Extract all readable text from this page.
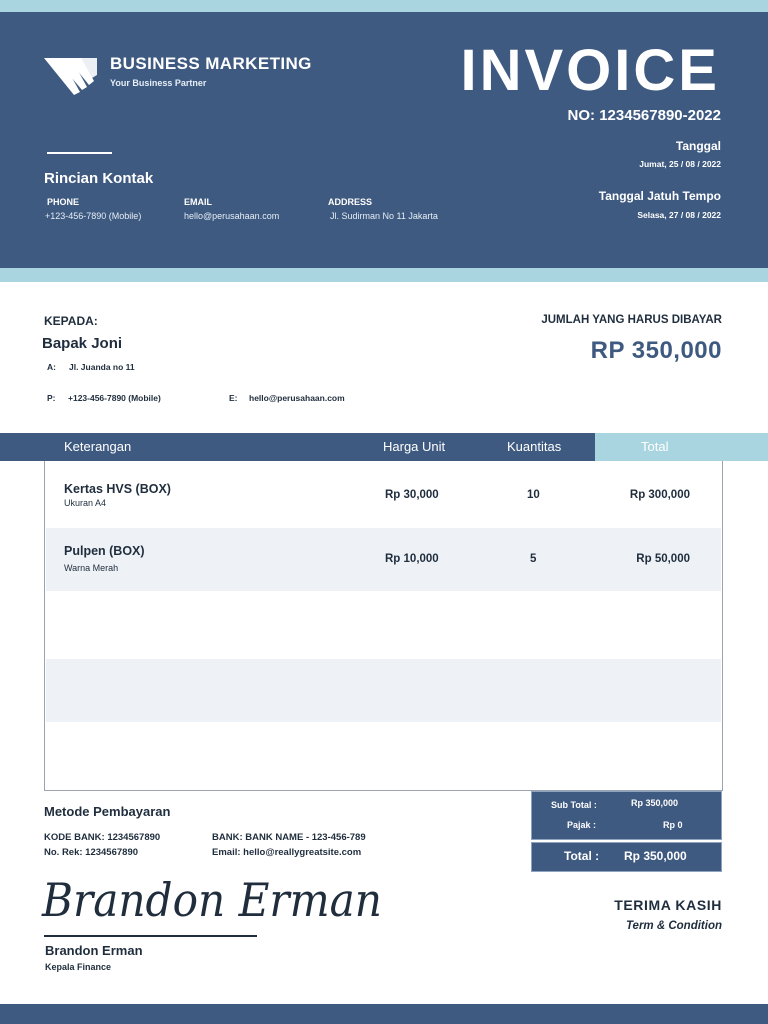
BUSINESS MARKETING
Your Business Partner	INVOICE
NO: 1234567890-2022
Rincian Kontak
PHONE
+123-456-7890 (Mobile)
EMAIL
hello@perusahaan.com
ADDRESS
Jl. Sudirman No 11 Jakarta
Tanggal
Jumat, 25 / 08 / 2022
Tanggal Jatuh Tempo
Selasa, 27 / 08 / 2022
KEPADA:
Bapak Joni
A: Jl. Juanda no 11
P: +123-456-7890 (Mobile)	E: hello@perusahaan.com
JUMLAH YANG HARUS DIBAYAR
RP 350,000
Keterangan	Harga Unit	Kuantitas	Total
Kertas HVS (BOX)
Ukuran A4
Rp 30,000	10	Rp 300,000
Pulpen (BOX)
Warna Merah
Rp 10,000	5	Rp 50,000
Metode Pembayaran
KODE BANK: 1234567890
No. Rek: 1234567890
BANK: BANK NAME - 123-456-789
Email: hello@reallygreatsite.com
Sub Total :	Rp 350,000
Pajak :	Rp 0
Total : Rp 350,000
Brandon Erman
Brandon Erman
Kepala Finance
TERIMA KASIH
Term & Condition
